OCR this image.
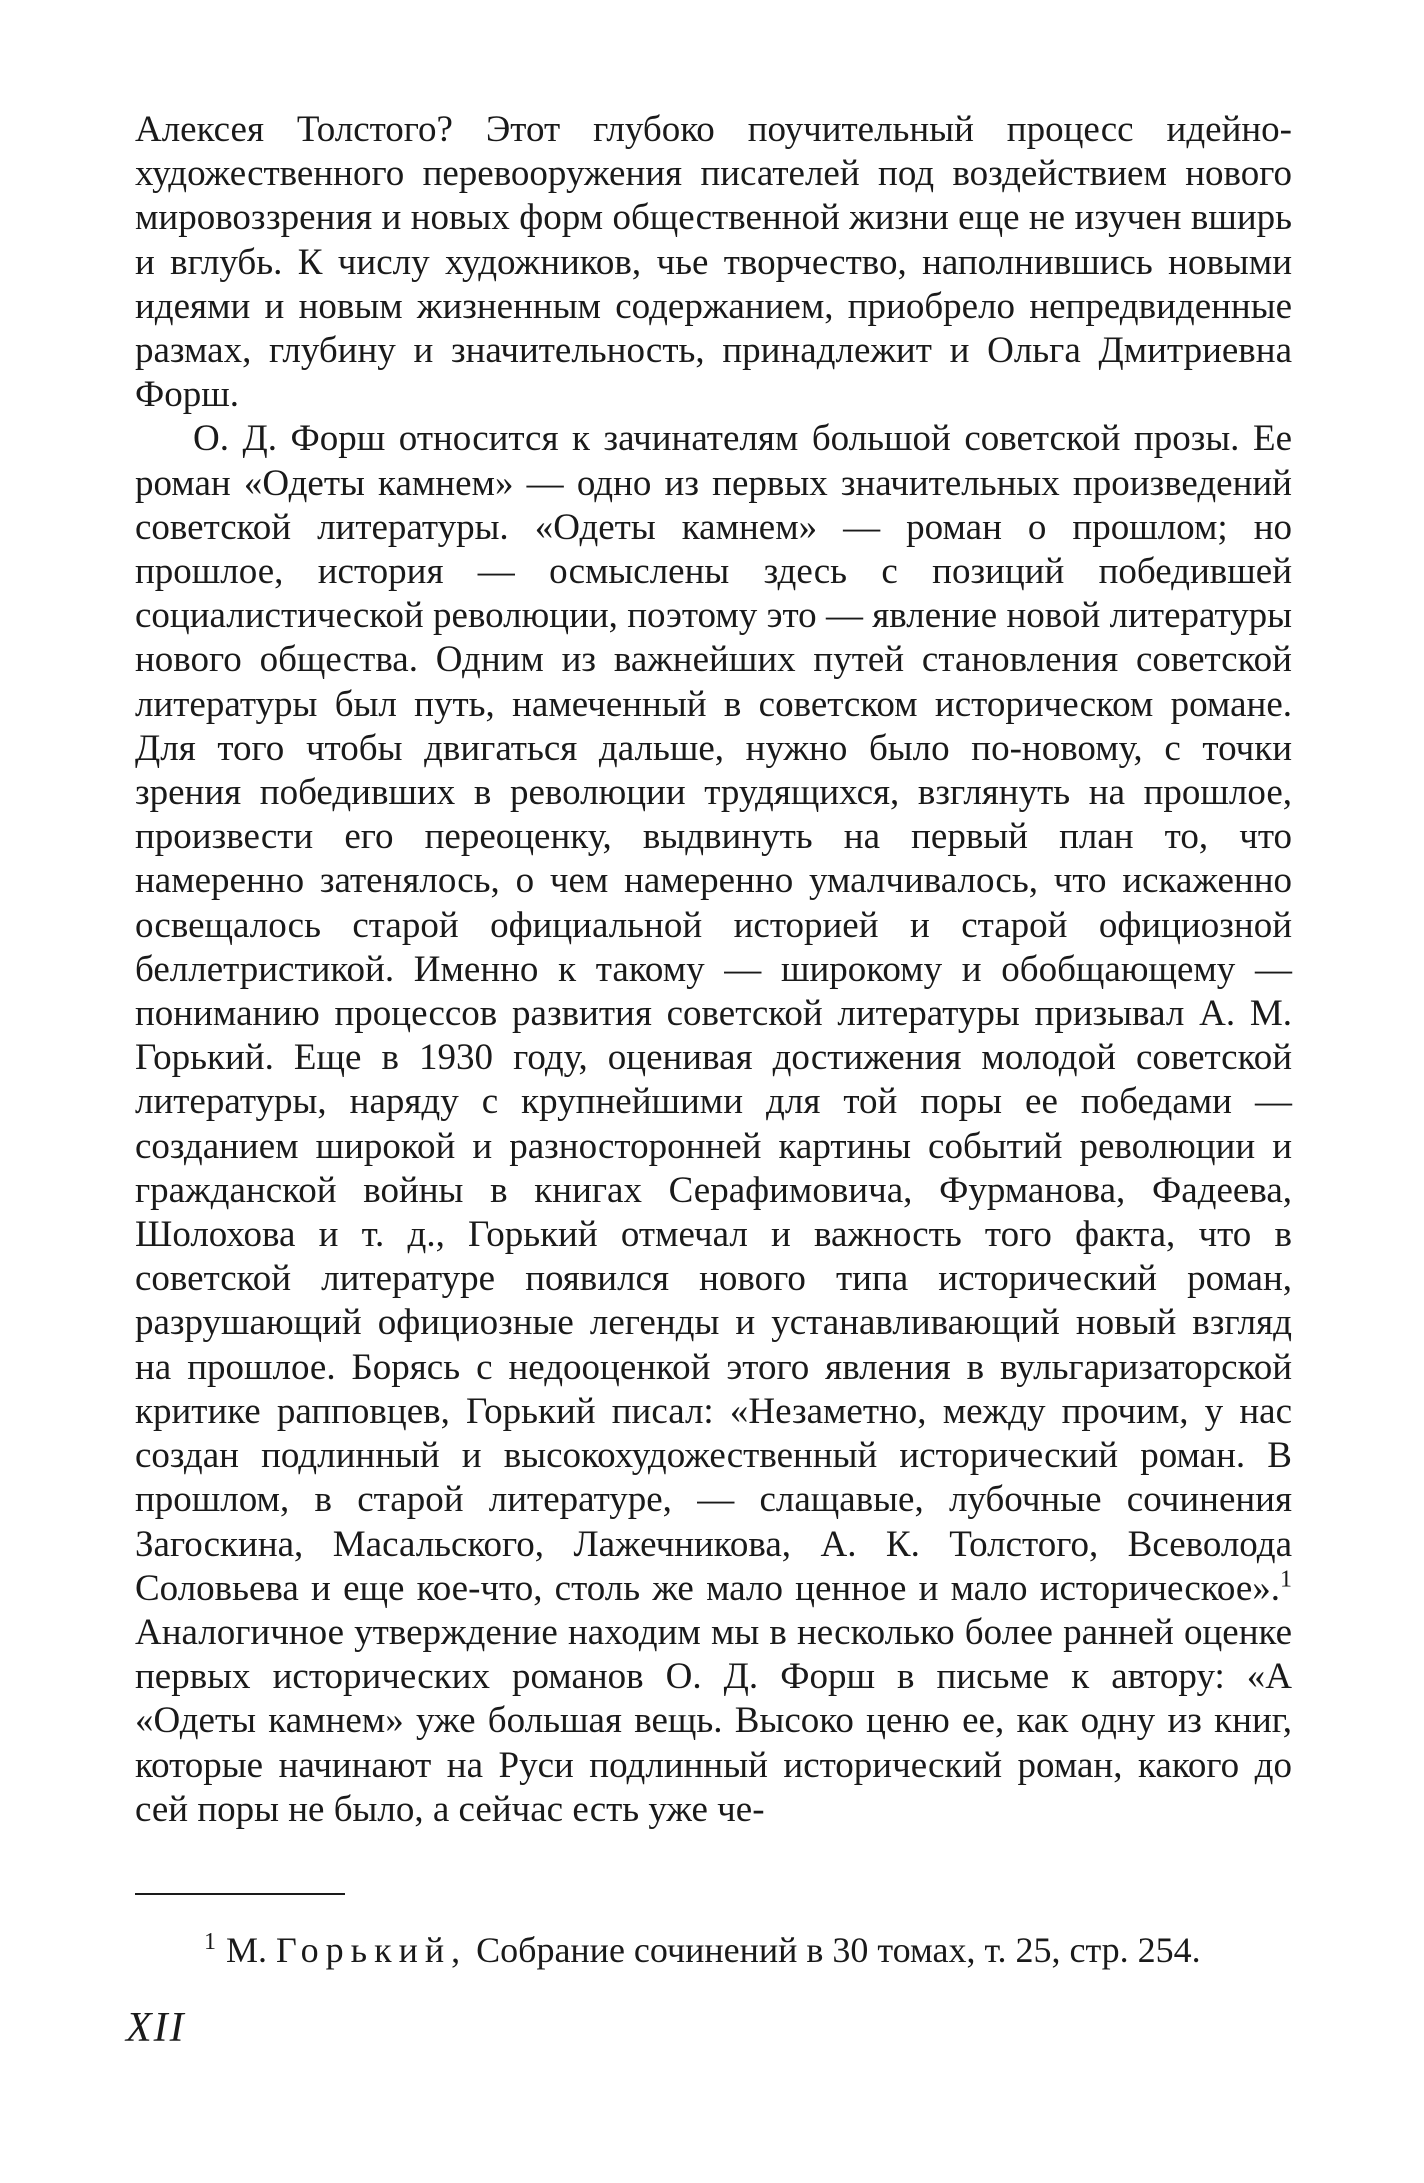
Алексея Толстого? Этот глубоко поучительный процесс идейно-художественного перевооружения писателей под воздействием нового мировоззрения и новых форм общественной жизни еще не изучен вширь и вглубь. К числу художников, чье творчество, наполнившись новыми идеями и новым жизненным содержанием, приобрело непредвиденные размах, глубину и значительность, принадлежит и Ольга Дмитриевна Форш.

О. Д. Форш относится к зачинателям большой советской прозы. Ее роман «Одеты камнем» — одно из первых значительных произведений советской литературы. «Одеты камнем» — роман о прошлом; но прошлое, история — осмыслены здесь с позиций победившей социалистической революции, поэтому это — явление новой литературы нового общества. Одним из важнейших путей становления советской литературы был путь, намеченный в советском историческом романе. Для того чтобы двигаться дальше, нужно было по-новому, с точки зрения победивших в революции трудящихся, взглянуть на прошлое, произвести его переоценку, выдвинуть на первый план то, что намеренно затенялось, о чем намеренно умалчивалось, что искаженно освещалось старой официальной историей и старой официозной беллетристикой. Именно к такому — широкому и обобщающему — пониманию процессов развития советской литературы призывал А. М. Горький. Еще в 1930 году, оценивая достижения молодой советской литературы, наряду с крупнейшими для той поры ее победами — созданием широкой и разносторонней картины событий революции и гражданской войны в книгах Серафимовича, Фурманова, Фадеева, Шолохова и т. д., Горький отмечал и важность того факта, что в советской литературе появился нового типа исторический роман, разрушающий официозные легенды и устанавливающий новый взгляд на прошлое. Борясь с недооценкой этого явления в вульгаризаторской критике рапповцев, Горький писал: «Незаметно, между прочим, у нас создан подлинный и высокохудожественный исторический роман. В прошлом, в старой литературе, — слащавые, лубочные сочинения Загоскина, Масальского, Лажечникова, А. К. Толстого, Всеволода Соловьева и еще кое-что, столь же мало ценное и мало историческое».$^1$ Аналогичное утверждение находим мы в несколько более ранней оценке первых исторических романов О. Д. Форш в письме к автору: «А «Одеты камнем» уже большая вещь. Высоко ценю ее, как одну из книг, которые начинают на Руси подлинный исторический роман, какого до сей поры не было, а сейчас есть уже че-

$^1$ М. Горький, Собрание сочинений в 30 томах, т. 25, стр. 254.
XII
